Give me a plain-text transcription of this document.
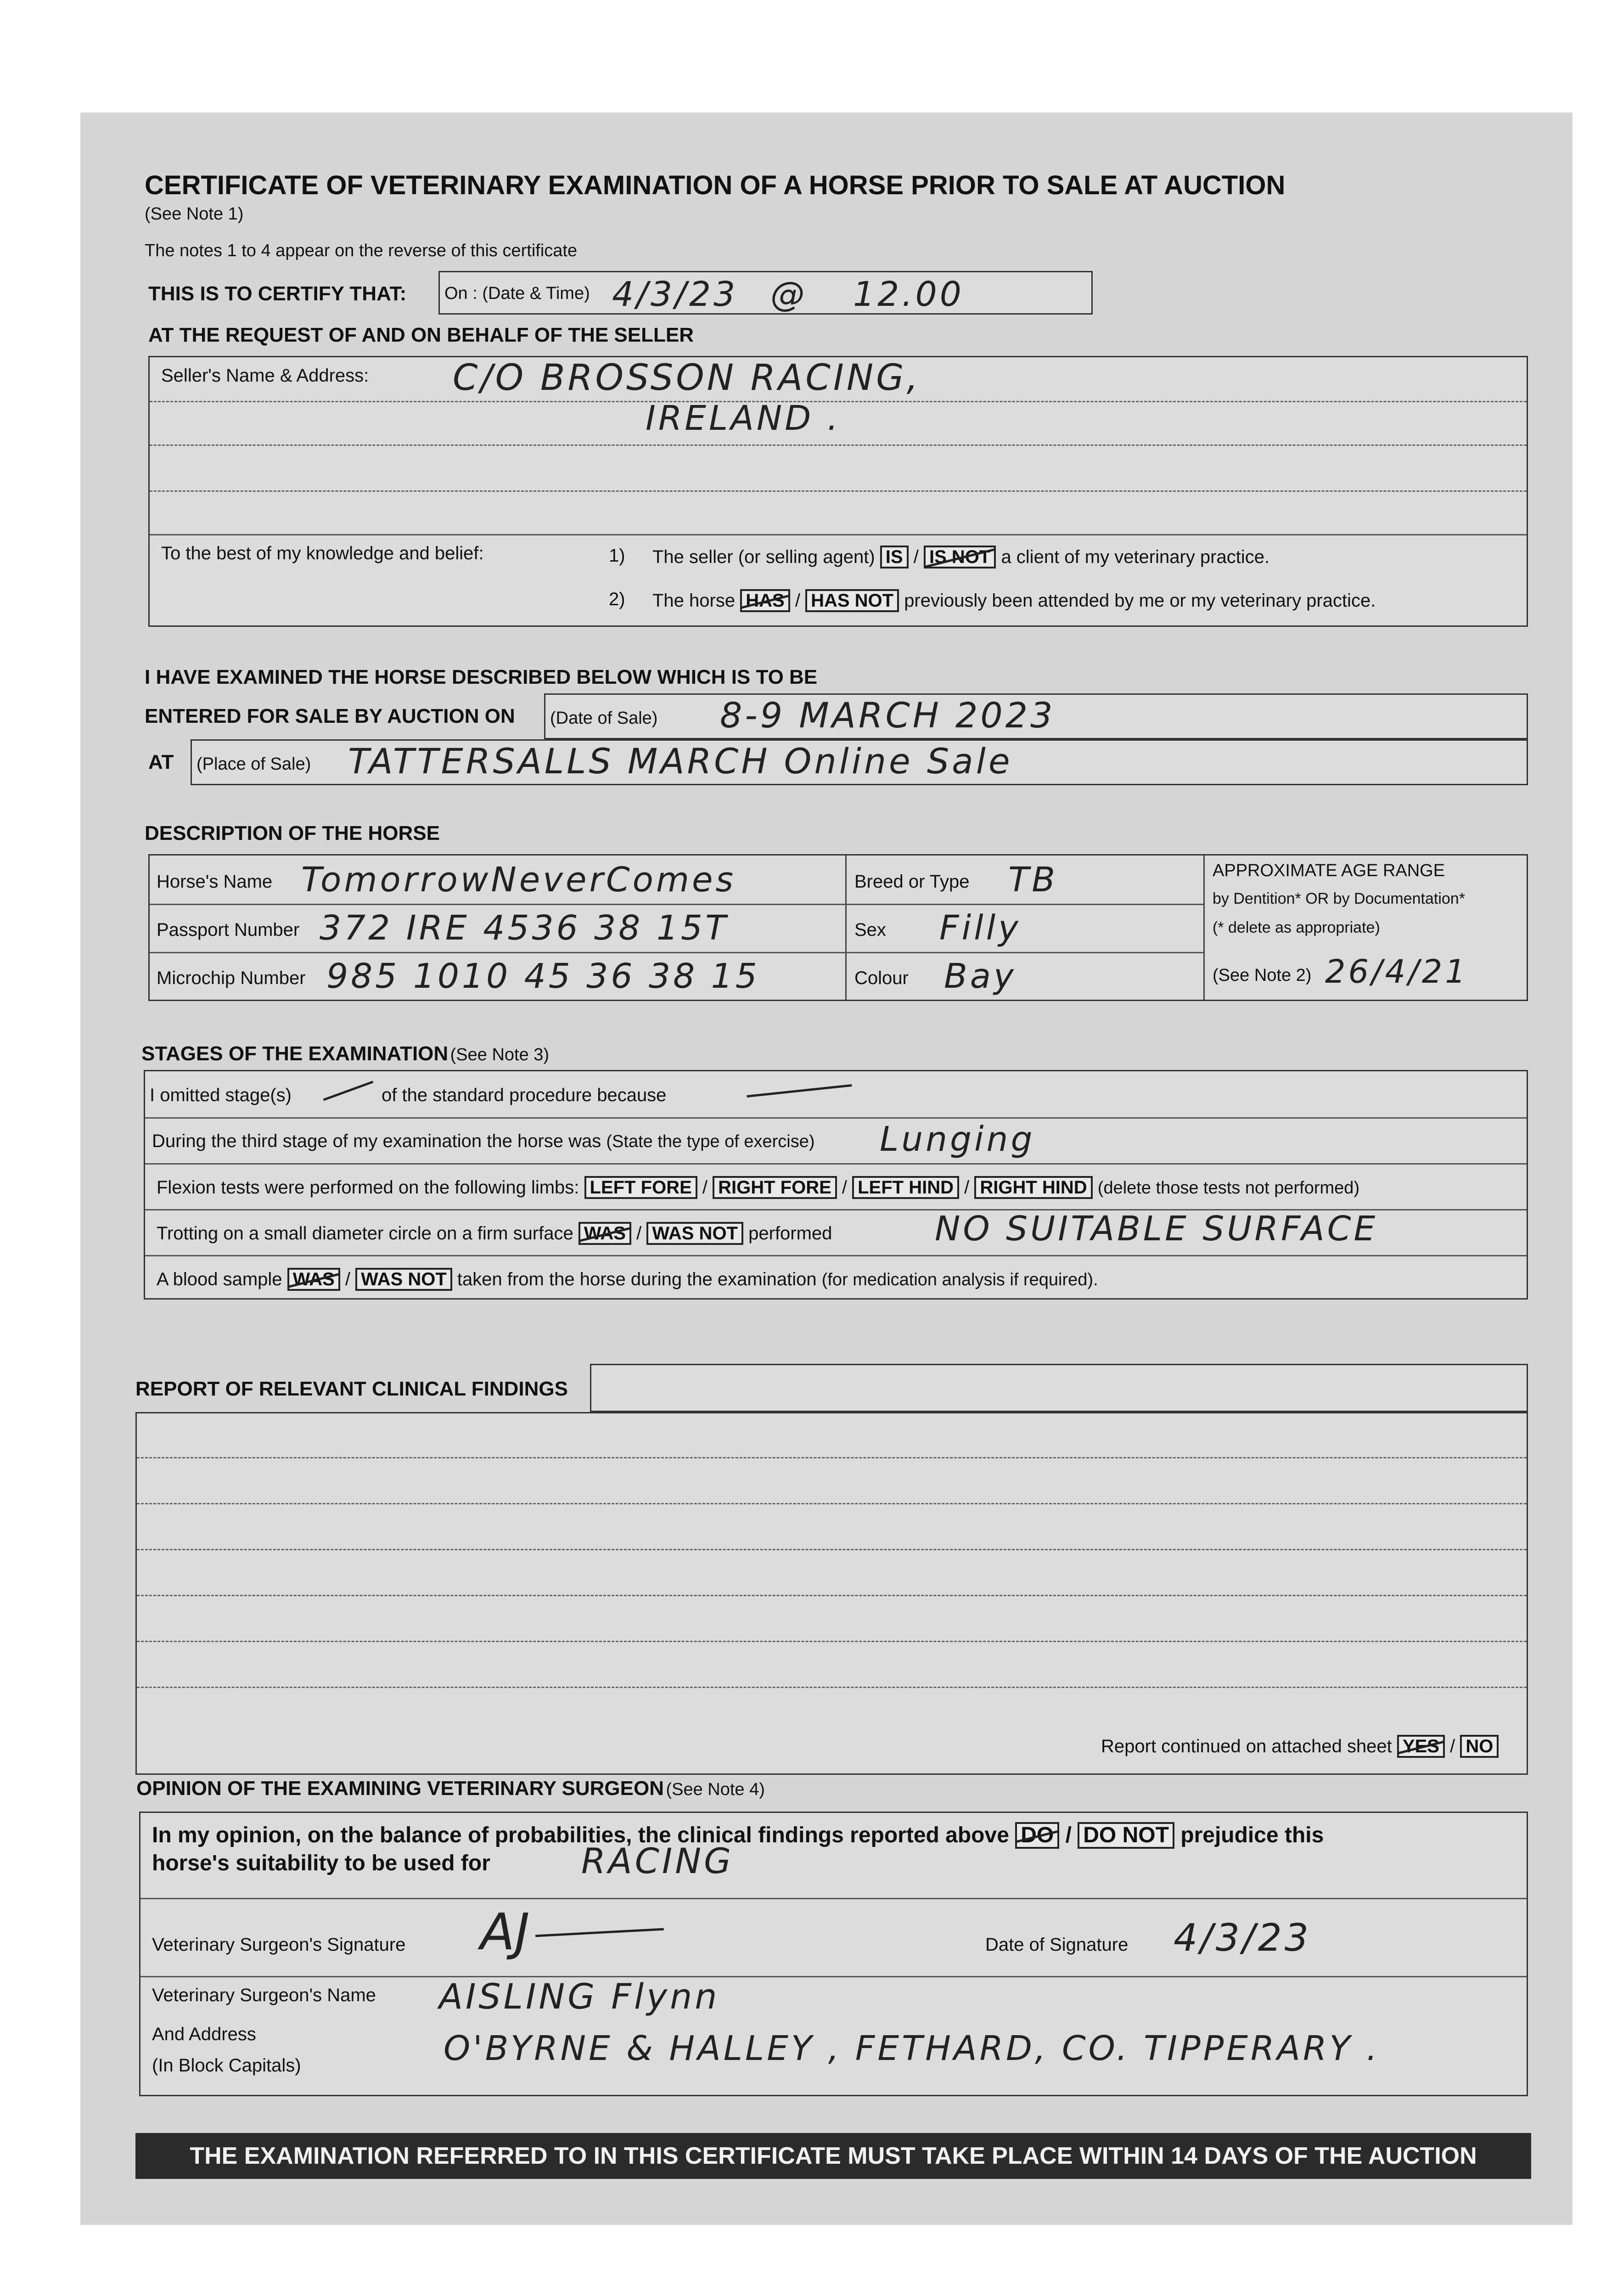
CERTIFICATE OF VETERINARY EXAMINATION OF A HORSE PRIOR TO SALE AT AUCTION
(See Note 1)
The notes 1 to 4 appear on the reverse of this certificate
THIS IS TO CERTIFY THAT: On : (Date & Time) 4/3/23 @ 12.00
AT THE REQUEST OF AND ON BEHALF OF THE SELLER
Seller's Name & Address: C/O BROSSON RACING,
IRELAND .
To the best of my knowledge and belief:	1) The seller (or selling agent) IS / IS NOT a client of my veterinary practice.
2) The horse HAS / HAS NOT previously been attended by me or my veterinary practice.
I HAVE EXAMINED THE HORSE DESCRIBED BELOW WHICH IS TO BE
ENTERED FOR SALE BY AUCTION ON (Date of Sale) 8-9 MARCH 2023
AT (Place of Sale) TATTERSALLS MARCH Online Sale
DESCRIPTION OF THE HORSE
Horse's Name TomorrowNeverComes
Passport Number 372 IRE 4536 38 15T
Microchip Number 985 1010 45 36 38 15
Breed or Type TB
Sex Filly
Colour Bay
APPROXIMATE AGE RANGE
by Dentition* OR by Documentation*
(* delete as appropriate)
(See Note 2) 26/4/21
STAGES OF THE EXAMINATION (See Note 3)
I omitted stage(s)	of the standard procedure because
During the third stage of my examination the horse was (State the type of exercise) Lunging
Flexion tests were performed on the following limbs: LEFT FORE / RIGHT FORE / LEFT HIND / RIGHT HIND (delete those tests not performed)
Trotting on a small diameter circle on a firm surface WAS / WAS NOT performed	NO SUITABLE SURFACE
A blood sample WAS / WAS NOT taken from the horse during the examination (for medication analysis if required).
REPORT OF RELEVANT CLINICAL FINDINGS
Report continued on attached sheet YES / NO
OPINION OF THE EXAMINING VETERINARY SURGEON (See Note 4)
In my opinion, on the balance of probabilities, the clinical findings reported above DO / DO NOT prejudice this
horse's suitability to be used for	RACING
Veterinary Surgeon's Signature AJ	Date of Signature 4/3/23
Veterinary Surgeon's Name AISLING Flynn
And Address
(In Block Capitals)	O'BYRNE & HALLEY , FETHARD, CO. TIPPERARY .
THE EXAMINATION REFERRED TO IN THIS CERTIFICATE MUST TAKE PLACE WITHIN 14 DAYS OF THE AUCTION
